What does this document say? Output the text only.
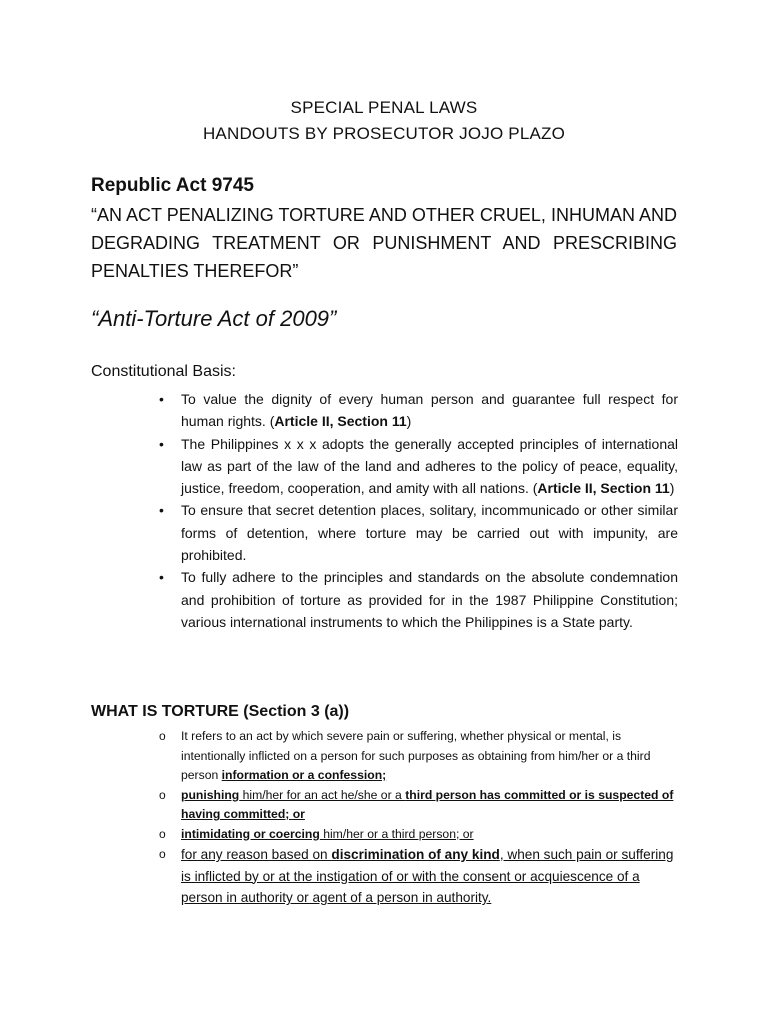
SPECIAL PENAL LAWS
HANDOUTS BY PROSECUTOR JOJO PLAZO
Republic Act 9745
“AN ACT PENALIZING TORTURE AND OTHER CRUEL, INHUMAN AND DEGRADING TREATMENT OR PUNISHMENT AND PRESCRIBING PENALTIES THEREFOR”
“Anti-Torture Act of 2009”
Constitutional Basis:
• To value the dignity of every human person and guarantee full respect for human rights. (Article II, Section 11)
• The Philippines x x x adopts the generally accepted principles of international law as part of the law of the land and adheres to the policy of peace, equality, justice, freedom, cooperation, and amity with all nations. (Article II, Section 11)
• To ensure that secret detention places, solitary, incommunicado or other similar forms of detention, where torture may be carried out with impunity, are prohibited.
• To fully adhere to the principles and standards on the absolute condemnation and prohibition of torture as provided for in the 1987 Philippine Constitution; various international instruments to which the Philippines is a State party.
WHAT IS TORTURE (Section 3 (a))
o It refers to an act by which severe pain or suffering, whether physical or mental, is intentionally inflicted on a person for such purposes as obtaining from him/her or a third person information or a confession;
o punishing him/her for an act he/she or a third person has committed or is suspected of having committed; or
o intimidating or coercing him/her or a third person; or
o for any reason based on discrimination of any kind, when such pain or suffering is inflicted by or at the instigation of or with the consent or acquiescence of a person in authority or agent of a person in authority.
